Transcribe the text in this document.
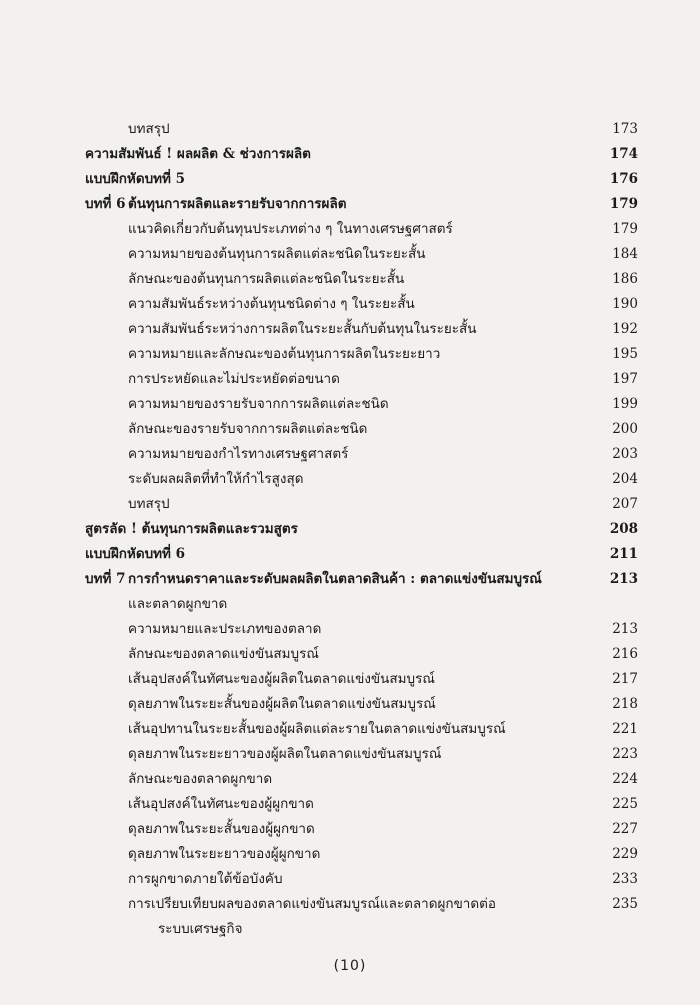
บทสรุป	173
ความสัมพันธ์ ! ผลผลิต & ช่วงการผลิต	174
แบบฝึกหัดบทที่ 5	176
บทที่ 6 ต้นทุนการผลิตและรายรับจากการผลิต	179
แนวคิดเกี่ยวกับต้นทุนประเภทต่าง ๆ ในทางเศรษฐศาสตร์	179
ความหมายของต้นทุนการผลิตแต่ละชนิดในระยะสั้น	184
ลักษณะของต้นทุนการผลิตแต่ละชนิดในระยะสั้น	186
ความสัมพันธ์ระหว่างต้นทุนชนิดต่าง ๆ ในระยะสั้น	190
ความสัมพันธ์ระหว่างการผลิตในระยะสั้นกับต้นทุนในระยะสั้น	192
ความหมายและลักษณะของต้นทุนการผลิตในระยะยาว	195
การประหยัดและไม่ประหยัดต่อขนาด	197
ความหมายของรายรับจากการผลิตแต่ละชนิด	199
ลักษณะของรายรับจากการผลิตแต่ละชนิด	200
ความหมายของกำไรทางเศรษฐศาสตร์	203
ระดับผลผลิตที่ทำให้กำไรสูงสุด	204
บทสรุป	207
สูตรลัด ! ต้นทุนการผลิตและรวมสูตร	208
แบบฝึกหัดบทที่ 6	211
บทที่ 7 การกำหนดราคาและระดับผลผลิตในตลาดสินค้า : ตลาดแข่งขันสมบูรณ์	213
และตลาดผูกขาด
ความหมายและประเภทของตลาด	213
ลักษณะของตลาดแข่งขันสมบูรณ์	216
เส้นอุปสงค์ในทัศนะของผู้ผลิตในตลาดแข่งขันสมบูรณ์	217
ดุลยภาพในระยะสั้นของผู้ผลิตในตลาดแข่งขันสมบูรณ์	218
เส้นอุปทานในระยะสั้นของผู้ผลิตแต่ละรายในตลาดแข่งขันสมบูรณ์	221
ดุลยภาพในระยะยาวของผู้ผลิตในตลาดแข่งขันสมบูรณ์	223
ลักษณะของตลาดผูกขาด	224
เส้นอุปสงค์ในทัศนะของผู้ผูกขาด	225
ดุลยภาพในระยะสั้นของผู้ผูกขาด	227
ดุลยภาพในระยะยาวของผู้ผูกขาด	229
การผูกขาดภายใต้ข้อบังคับ	233
การเปรียบเทียบผลของตลาดแข่งขันสมบูรณ์และตลาดผูกขาดต่อ	235
ระบบเศรษฐกิจ
(10)
